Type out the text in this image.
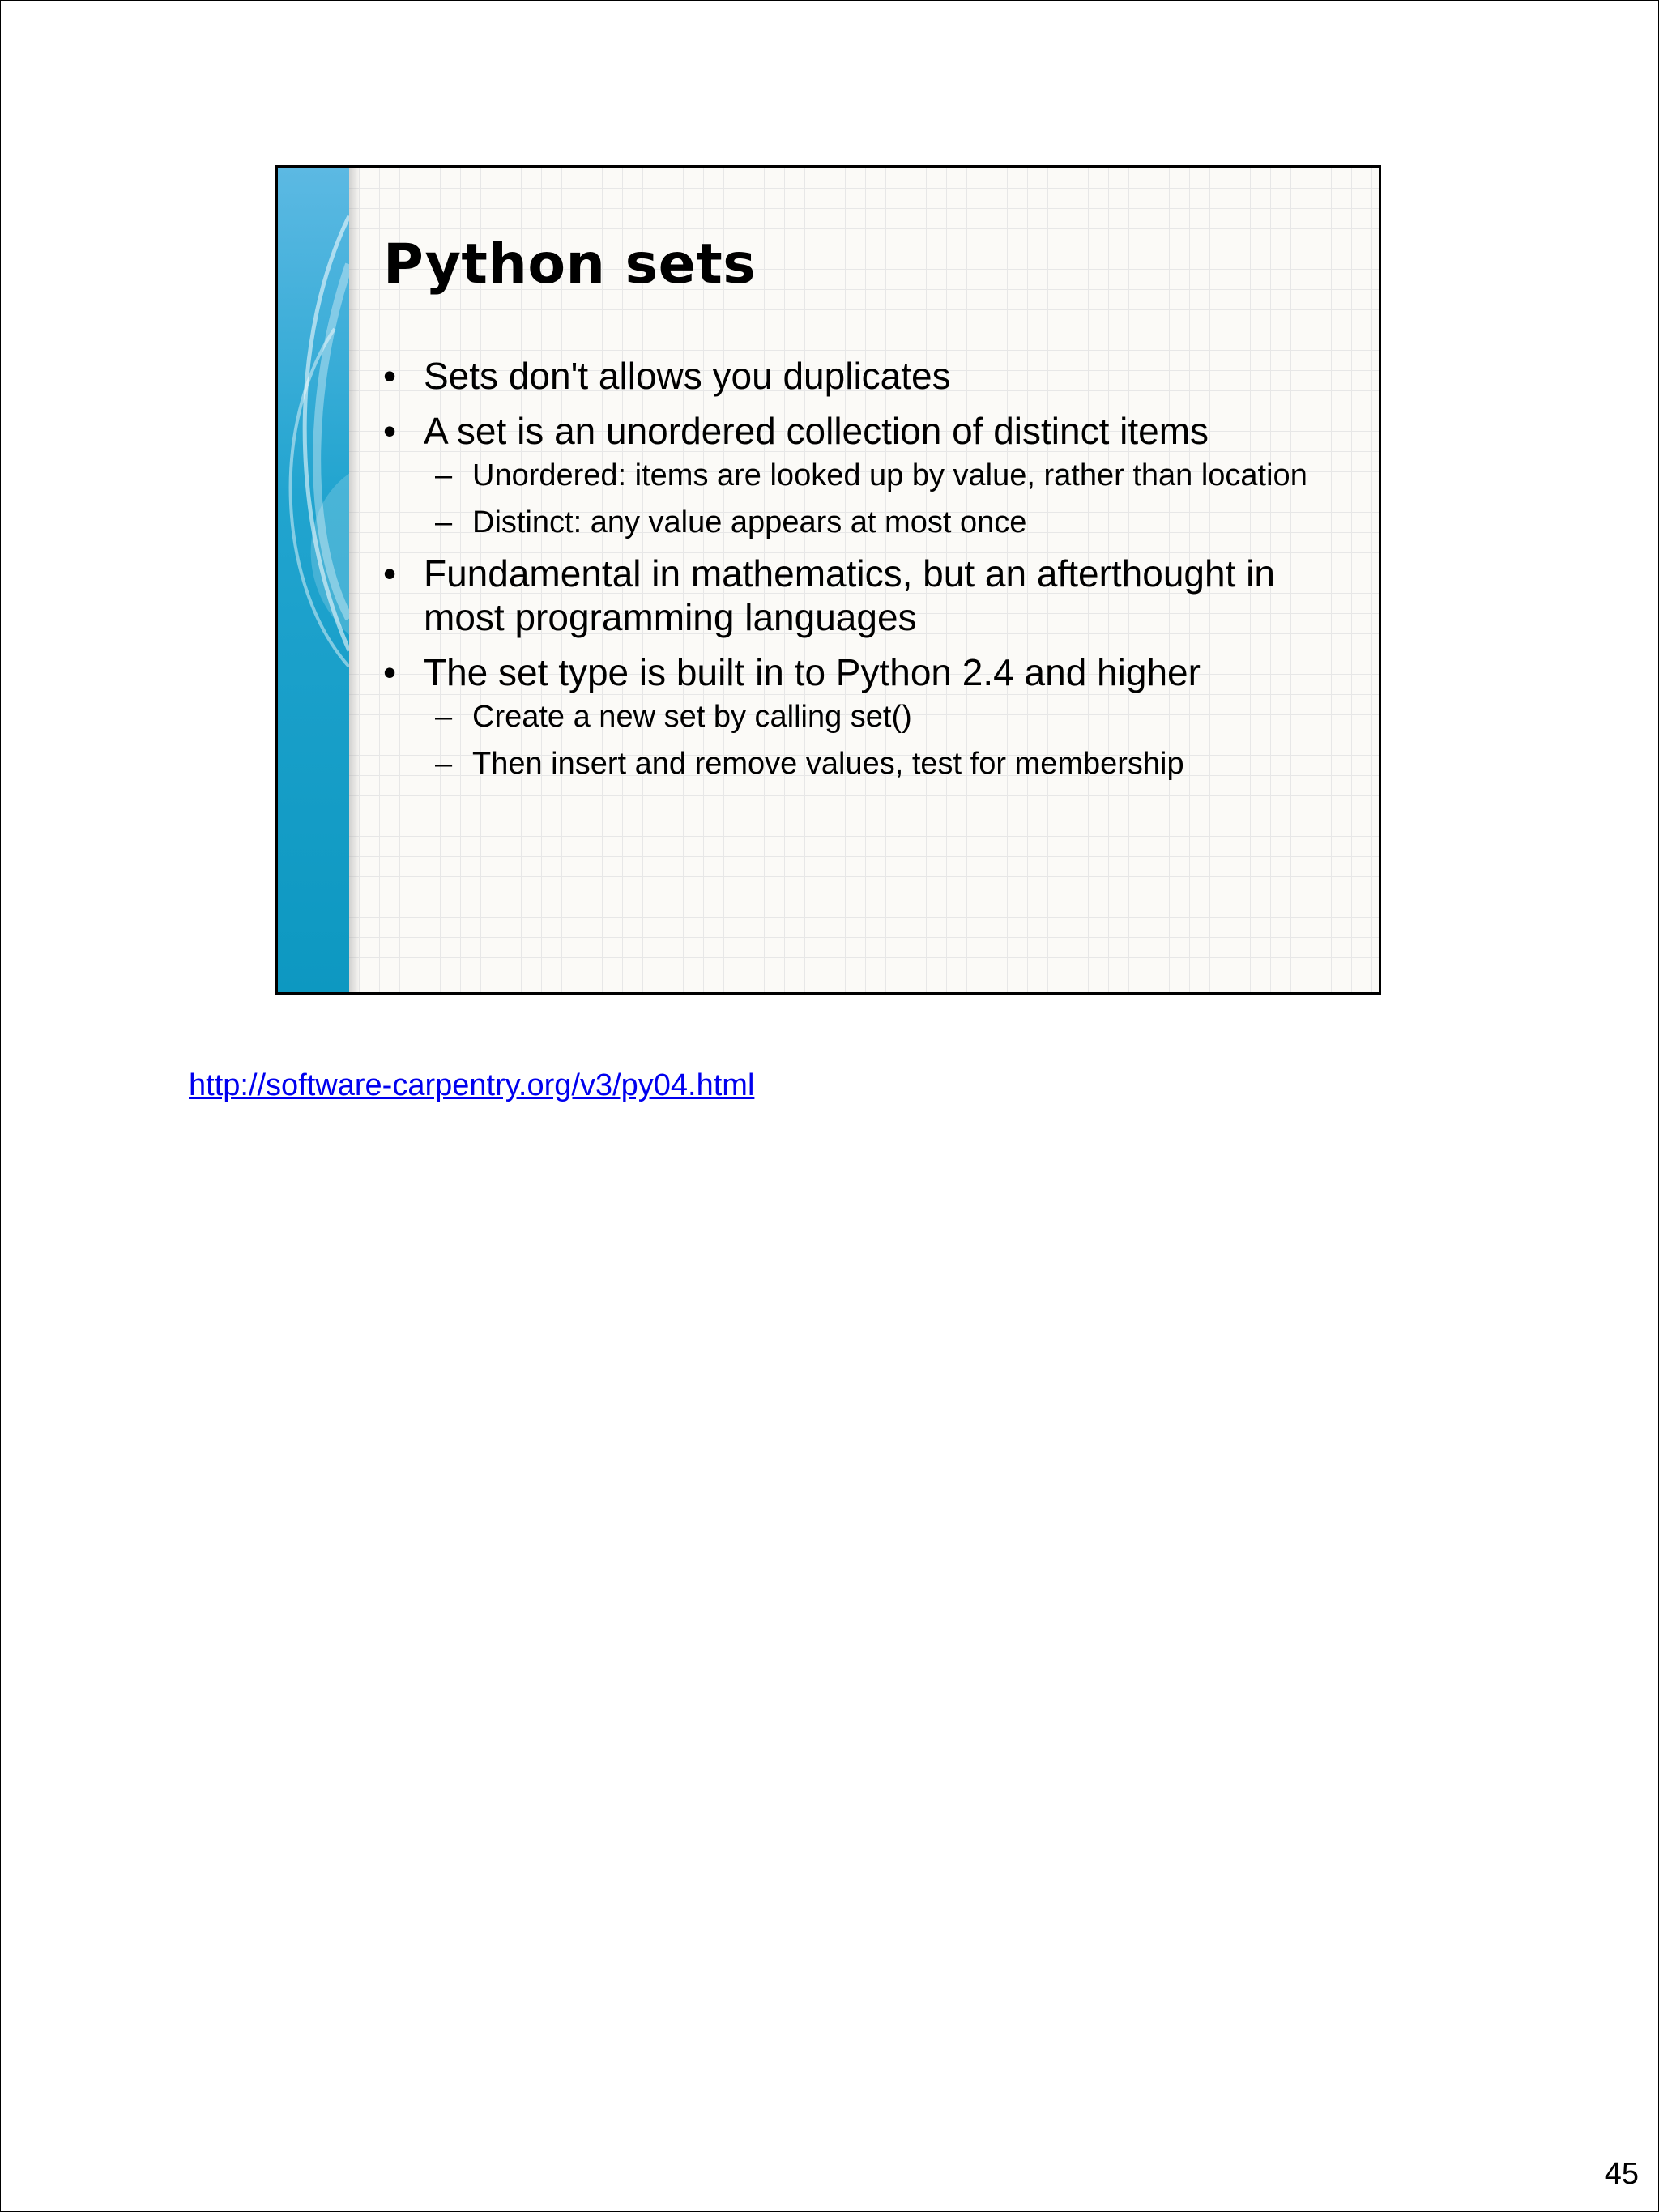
Python sets
• Sets don't allows you duplicates
• A set is an unordered collection of distinct items
– Unordered: items are looked up by value, rather than location
– Distinct: any value appears at most once
• Fundamental in mathematics, but an afterthought in most programming languages
• The set type is built in to Python 2.4 and higher
– Create a new set by calling set()
– Then insert and remove values, test for membership
http://software-carpentry.org/v3/py04.html
45
